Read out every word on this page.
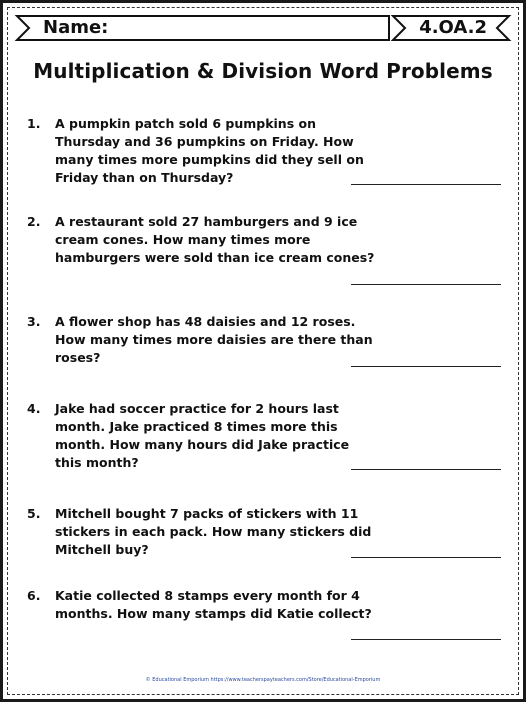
Name:	4.OA.2
Multiplication & Division Word Problems
1. A pumpkin patch sold 6 pumpkins on Thursday and 36 pumpkins on Friday. How many times more pumpkins did they sell on Friday than on Thursday?
2. A restaurant sold 27 hamburgers and 9 ice cream cones. How many times more hamburgers were sold than ice cream cones?
3. A flower shop has 48 daisies and 12 roses. How many times more daisies are there than roses?
4. Jake had soccer practice for 2 hours last month. Jake practiced 8 times more this month. How many hours did Jake practice this month?
5. Mitchell bought 7 packs of stickers with 11 stickers in each pack. How many stickers did Mitchell buy?
6. Katie collected 8 stamps every month for 4 months. How many stamps did Katie collect?
© Educational Emporium https://www.teacherspayteachers.com/Store/Educational-Emporium
